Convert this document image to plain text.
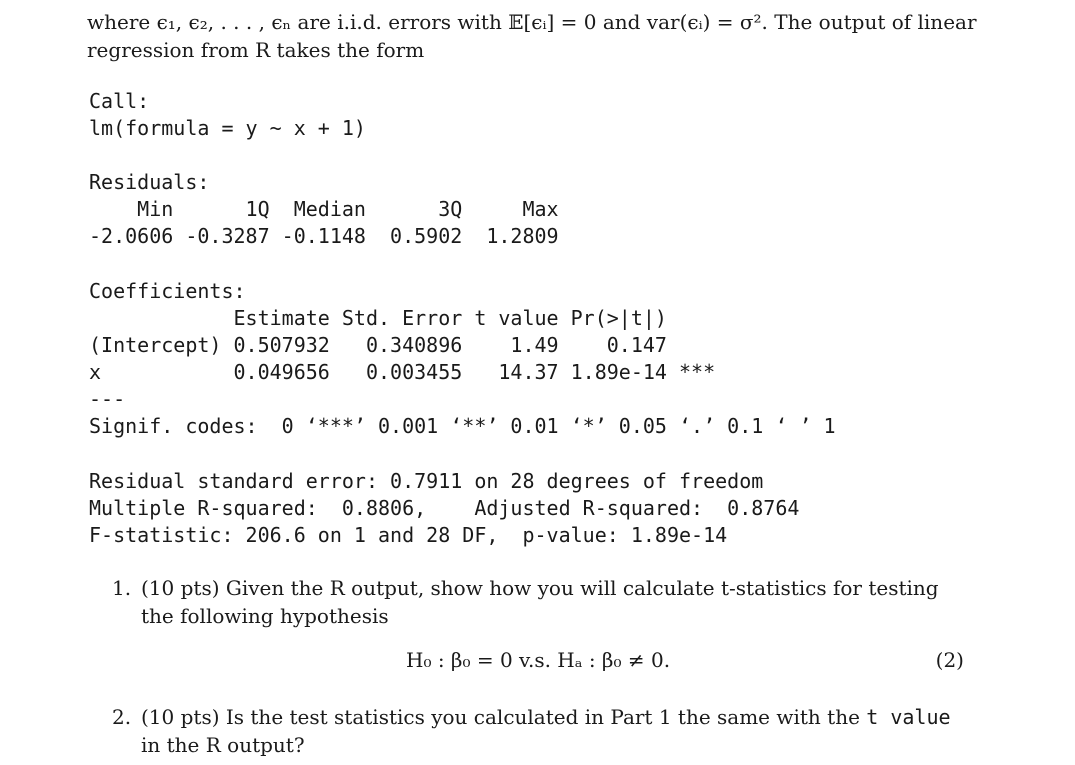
where ϵ₁, ϵ₂, . . . , ϵₙ are i.i.d. errors with 𝔼[ϵᵢ] = 0 and var(ϵᵢ) = σ². The output of linear
regression from R takes the form
Call:
lm(formula = y ~ x + 1)
Residuals:
Min      1Q  Median      3Q     Max
-2.0606 -0.3287 -0.1148  0.5902  1.2809
Coefficients:
Estimate Std. Error t value Pr(>|t|)
(Intercept) 0.507932   0.340896    1.49    0.147
x           0.049656   0.003455   14.37 1.89e-14 ***
---
Signif. codes:  0 ‘***’ 0.001 ‘**’ 0.01 ‘*’ 0.05 ‘.’ 0.1 ‘ ’ 1
Residual standard error: 0.7911 on 28 degrees of freedom
Multiple R-squared:  0.8806,    Adjusted R-squared:  0.8764
F-statistic: 206.6 on 1 and 28 DF,  p-value: 1.89e-14
1. (10 pts) Given the R output, show how you will calculate t-statistics for testing
the following hypothesis
H₀ : β₀ = 0 v.s. Hₐ : β₀ ≠ 0.	(2)
2. (10 pts) Is the test statistics you calculated in Part 1 the same with the t value
in the R output?
